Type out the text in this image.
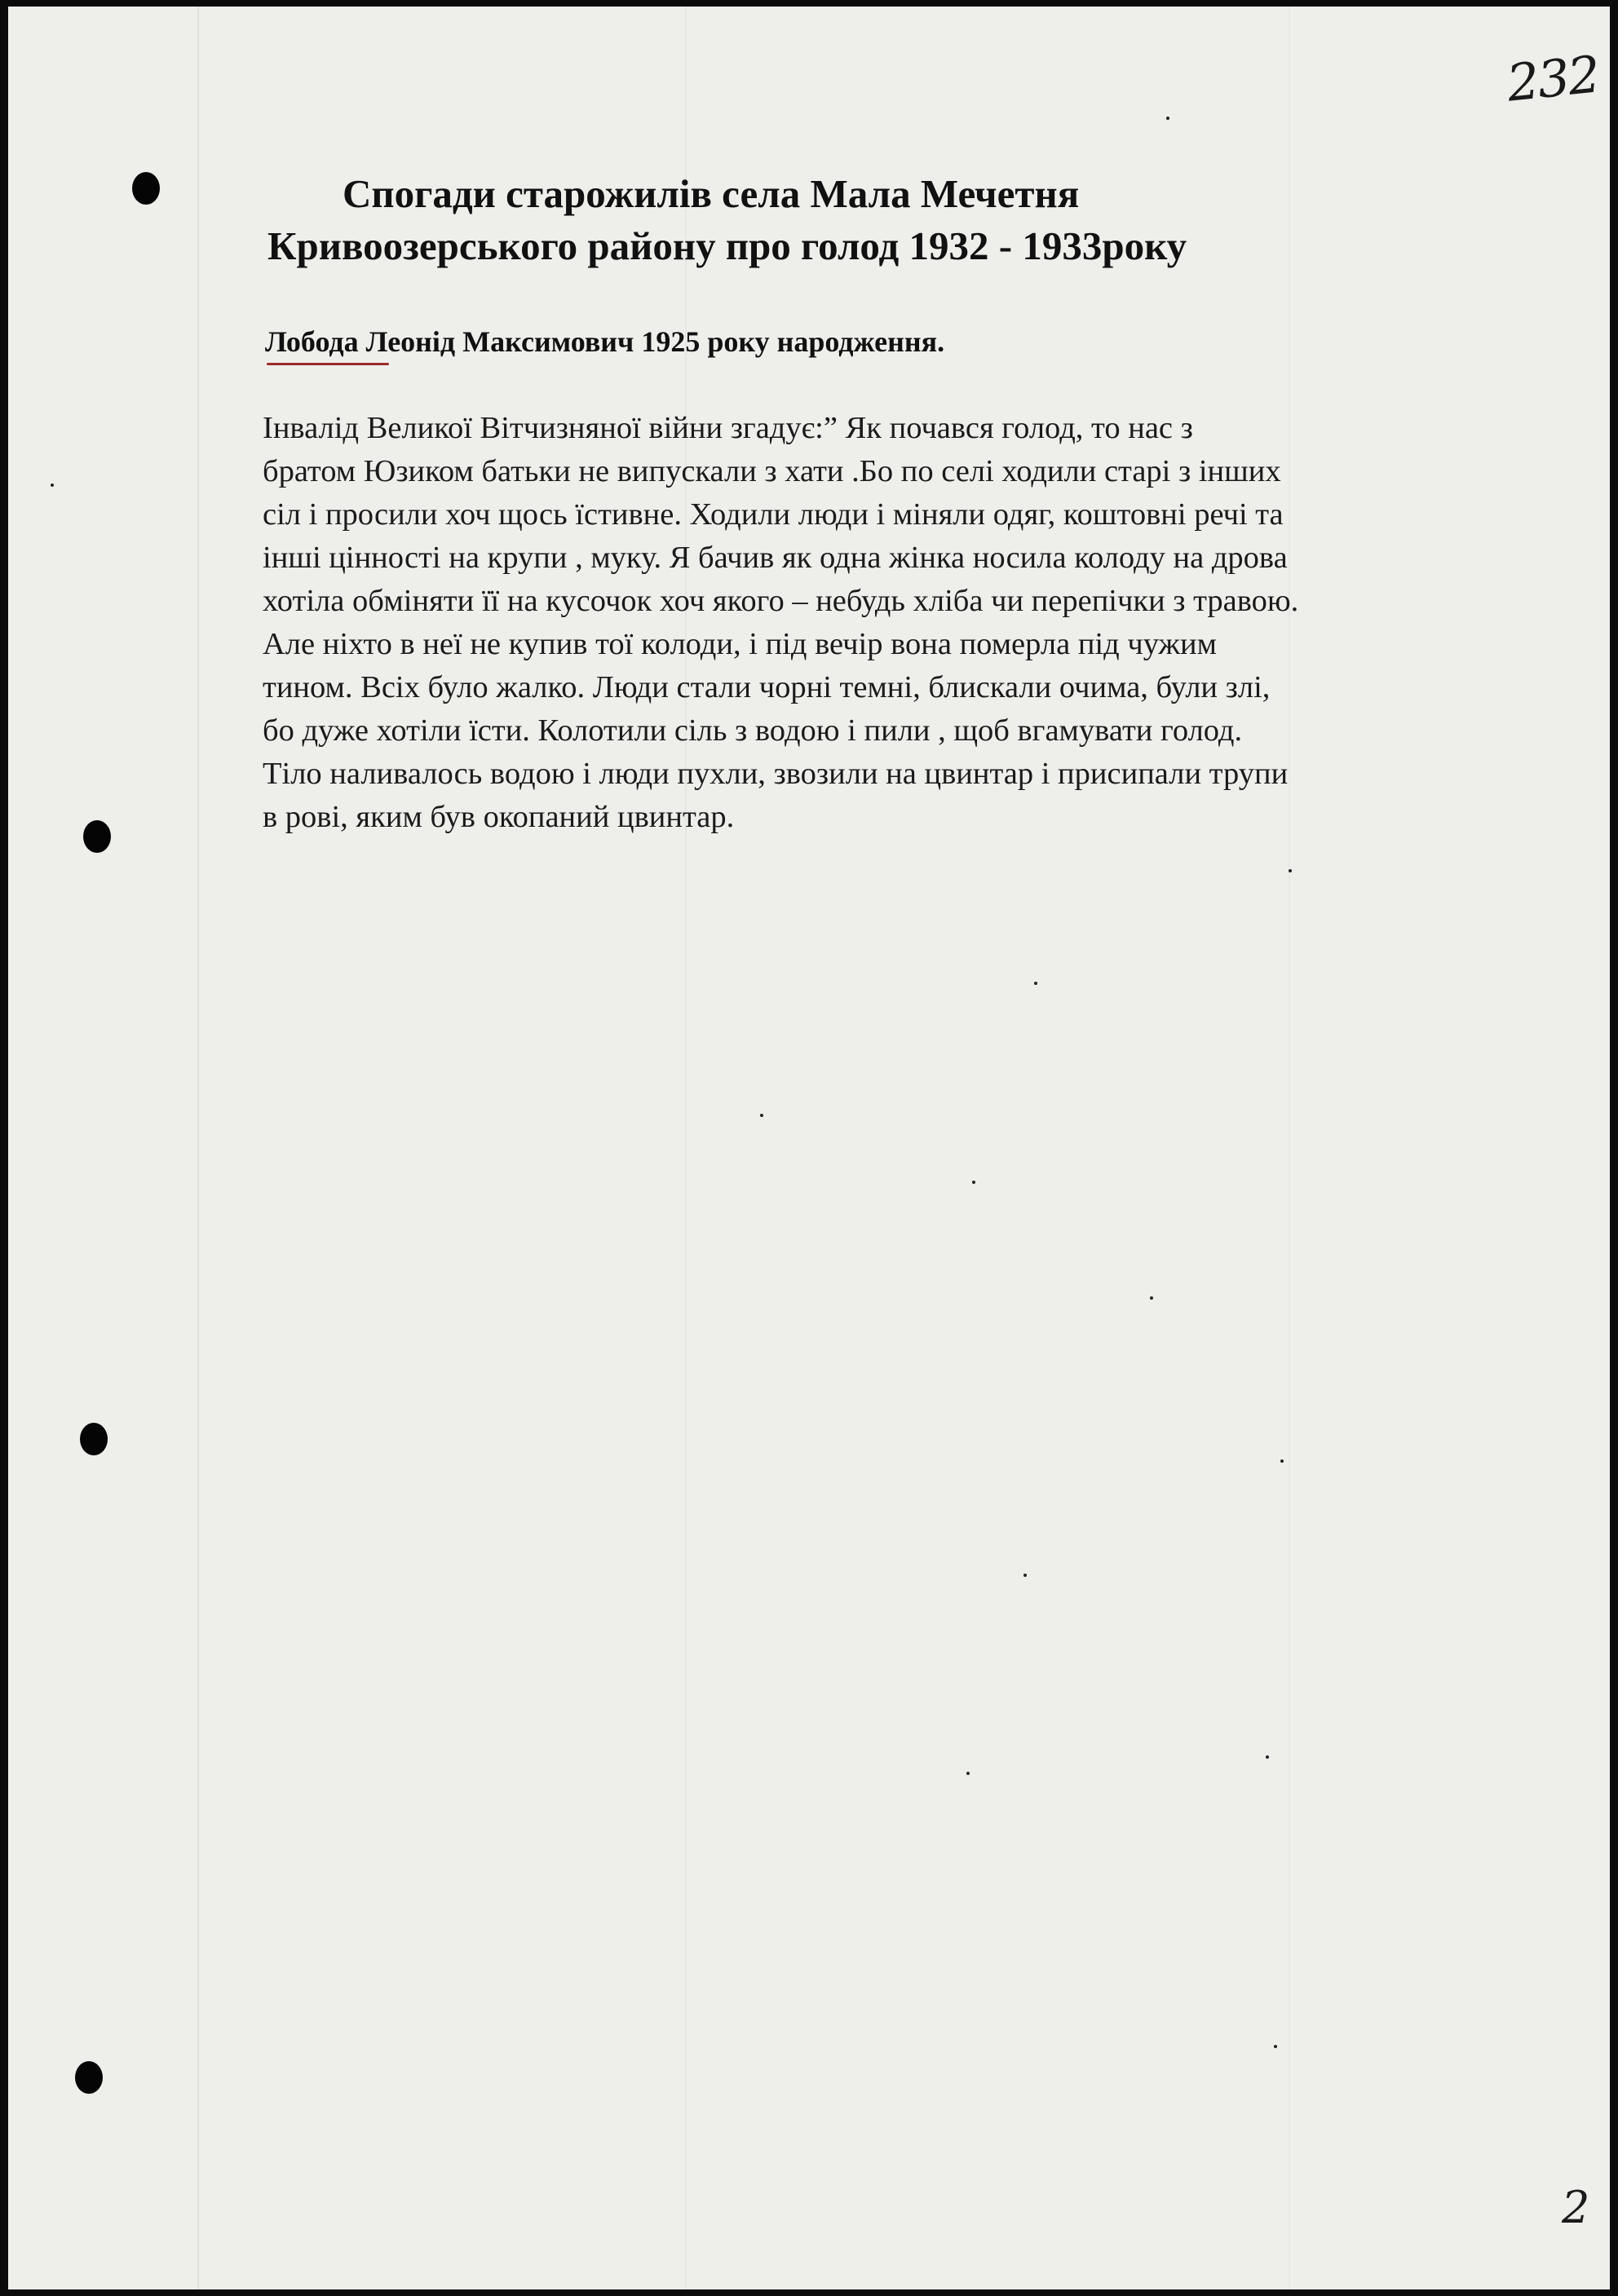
232
Спогади старожилів села Мала Мечетня
Кривоозерського району про голод 1932 - 1933року
Лобода Леонід Максимович 1925 року народження.
Інвалід Великої Вітчизняної війни згадує:” Як почався голод, то нас з
братом Юзиком батьки не випускали з хати .Бо по селі ходили старі з інших
сіл і просили хоч щось їстивне. Ходили люди і міняли одяг, коштовні речі та
інші цінності на крупи , муку. Я бачив як одна жінка носила колоду на дрова
хотіла обміняти її на кусочок хоч якого – небудь хліба чи перепічки з травою.
Але ніхто в неї не купив тої колоди, і під вечір вона померла під чужим
тином. Всіх було жалко. Люди стали чорні темні, блискали очима, були злі,
бо дуже хотіли їсти. Колотили сіль з водою і пили , щоб вгамувати голод.
Тіло наливалось водою і люди пухли, звозили на цвинтар і присипали трупи
в рові, яким був окопаний цвинтар.
2
